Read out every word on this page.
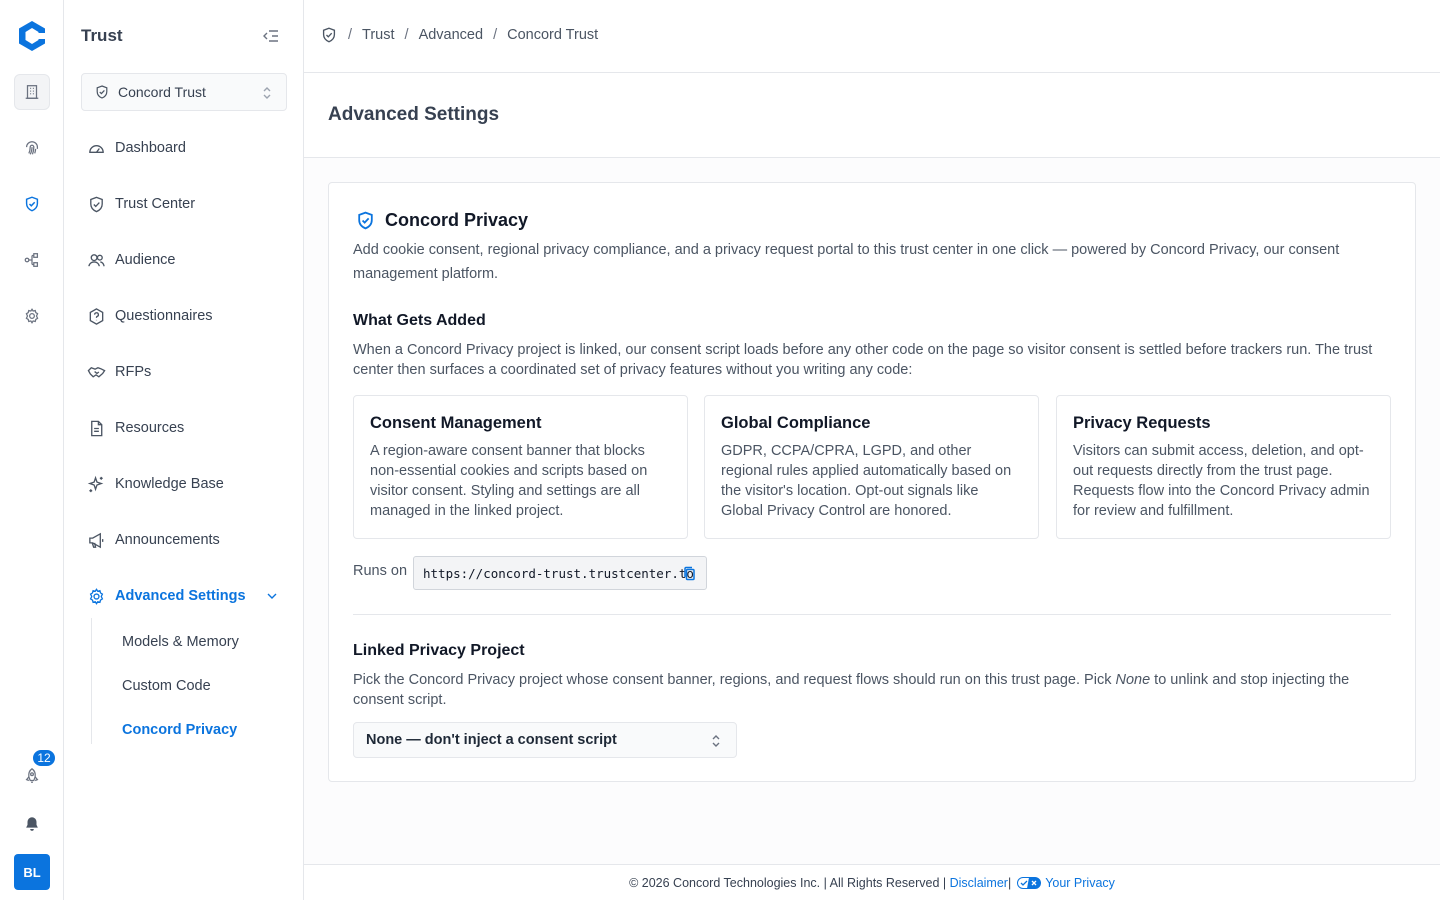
12
BL
Trust
Concord Trust
Dashboard
Trust Center
Audience
Questionnaires
RFPs
Resources
Knowledge Base
Announcements
Advanced Settings
Models & Memory
Custom Code
Concord Privacy
/ Trust / Advanced / Concord Trust
Advanced Settings
Concord Privacy
Add cookie consent, regional privacy compliance, and a privacy request portal to this trust center in one click — powered by Concord Privacy, our consent management platform.
What Gets Added
When a Concord Privacy project is linked, our consent script loads before any other code on the page so visitor consent is settled before trackers run. The trust center then surfaces a coordinated set of privacy features without you writing any code:
Consent Management
A region-aware consent banner that blocks non-essential cookies and scripts based on visitor consent. Styling and settings are all managed in the linked project.
Global Compliance
GDPR, CCPA/CPRA, LGPD, and other regional rules applied automatically based on the visitor's location. Opt-out signals like Global Privacy Control are honored.
Privacy Requests
Visitors can submit access, deletion, and opt-out requests directly from the trust page. Requests flow into the Concord Privacy admin for review and fulfillment.
Runs on https://concord-trust.trustcenter.to
Linked Privacy Project
Pick the Concord Privacy project whose consent banner, regions, and request flows should run on this trust page. Pick None to unlink and stop injecting the consent script.
None — don't inject a consent script
© 2026 Concord Technologies Inc. | All Rights Reserved |
Disclaimer |	Your Privacy
